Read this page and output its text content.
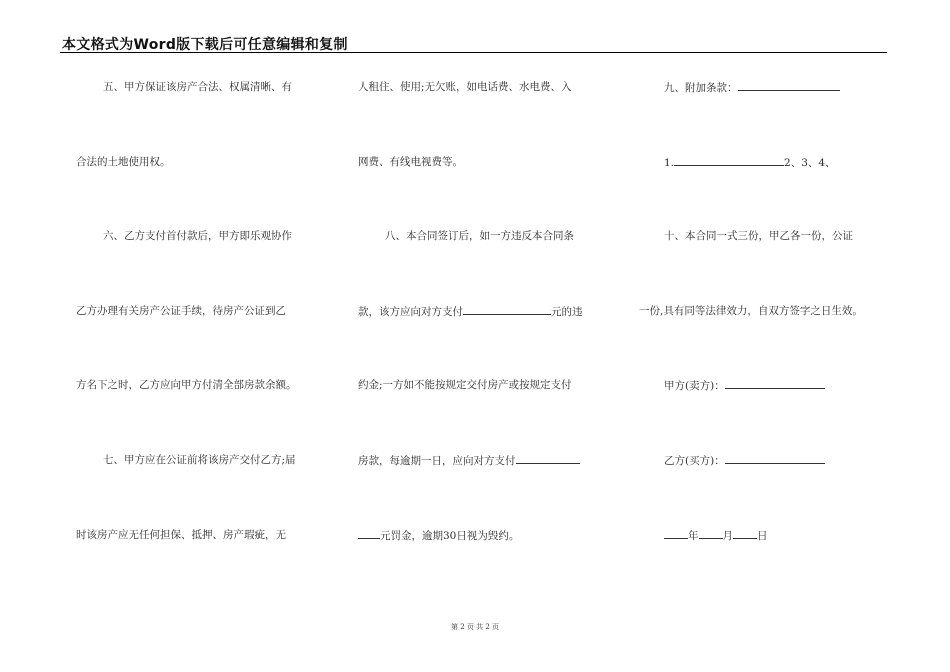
本文格式为Word版下载后可任意编辑和复制
五、甲方保证该房产合法、权属清晰、有
合法的土地使用权。
六、乙方支付首付款后，甲方即乐观协作
乙方办理有关房产公证手续，待房产公证到乙
方名下之时，乙方应向甲方付清全部房款余额。
七、甲方应在公证前将该房产交付乙方;届
时该房产应无任何担保、抵押、房产瑕疵，无
人租住、使用;无欠账，如电话费、水电费、入
网费、有线电视费等。
八、本合同签订后，如一方违反本合同条
款，该方应向对方支付	元的违
约金;一方如不能按规定交付房产或按规定支付
房款，每逾期一日，应向对方支付
元罚金，逾期30日视为毁约。
九、附加条款：
1.	2、3、4、
十、本合同一式三份，甲乙各一份，公证
一份,具有同等法律效力，自双方签字之日生效。
甲方(卖方)：
乙方(买方)：
年 月 日
第 2 页 共 2 页
